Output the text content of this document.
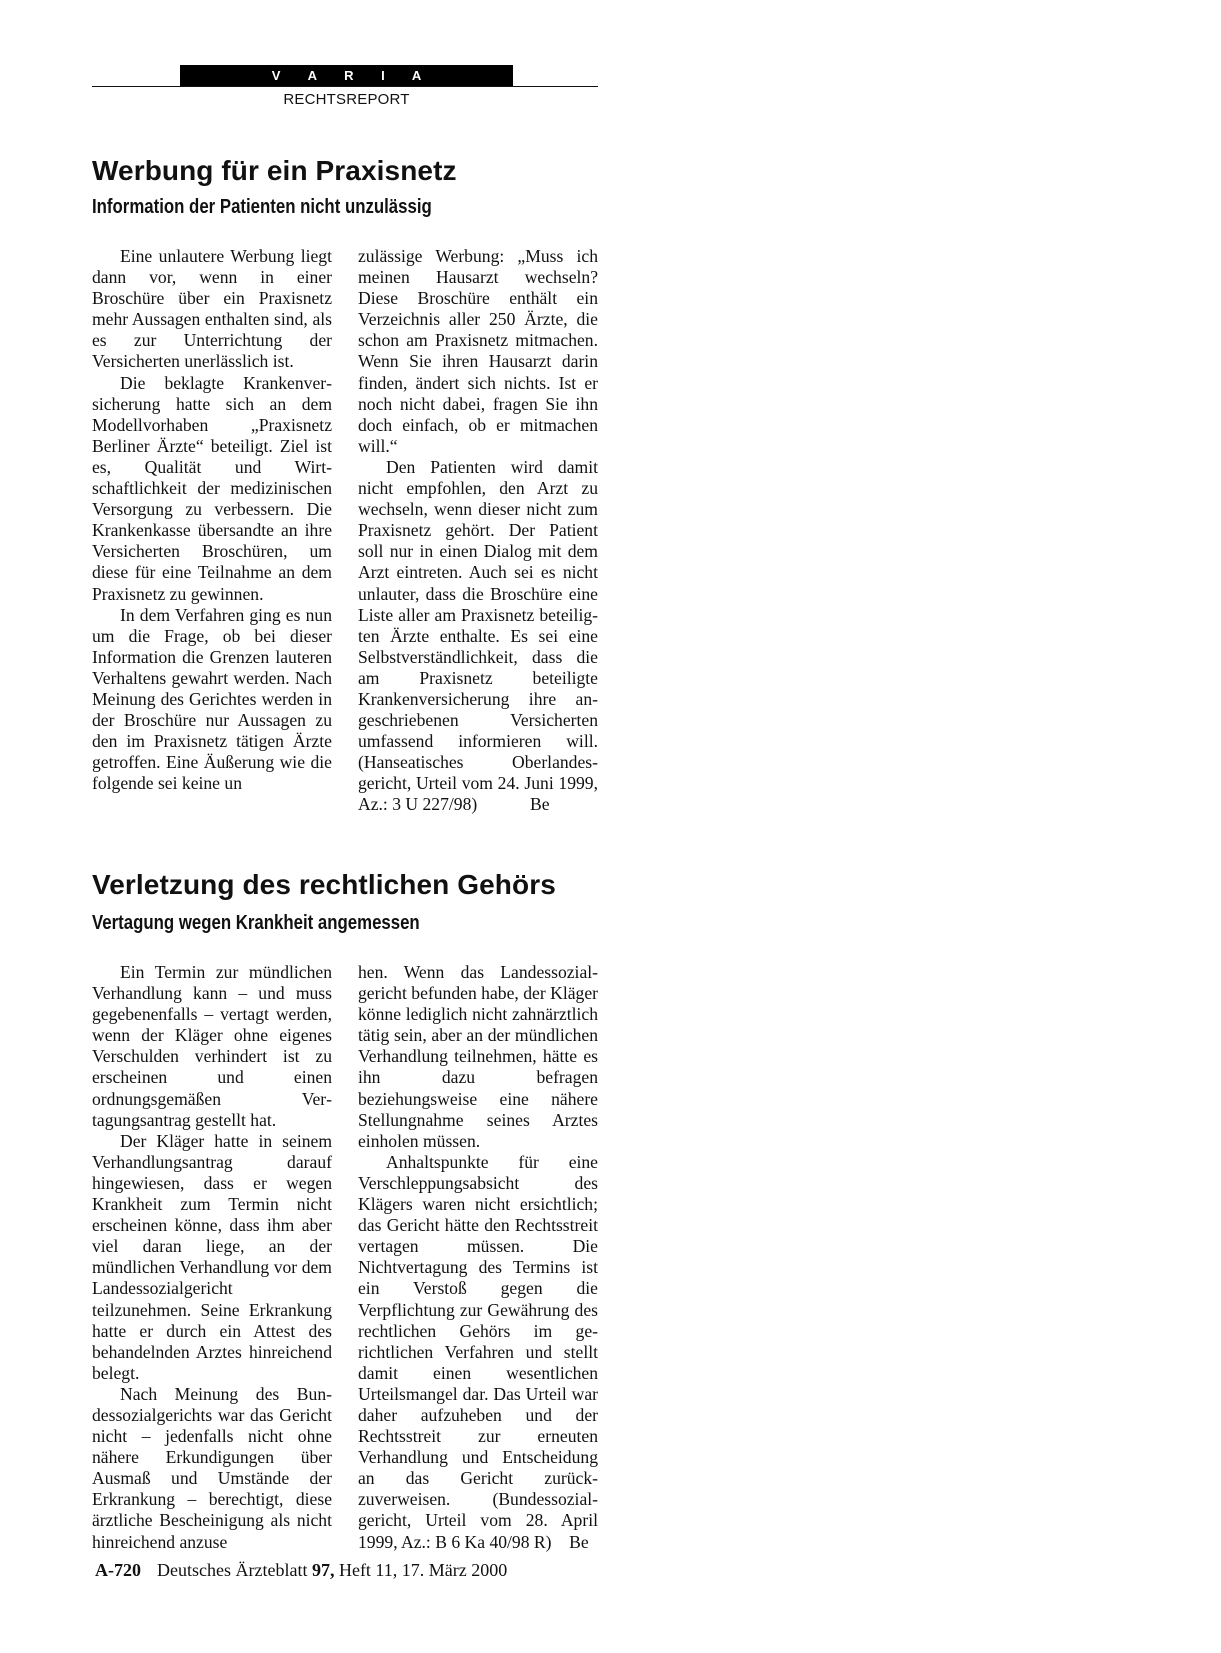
V A R I A
RECHTSREPORT
Werbung für ein Praxisnetz
Information der Patienten nicht unzulässig

Eine unlautere Werbung liegt dann vor, wenn in einer Broschüre über ein Praxisnetz mehr Aussagen enthalten sind, als es zur Unterrichtung der Versicherten unerlässlich ist.

Die beklagte Krankenversicherung hatte sich an dem Modellvorhaben „Praxisnetz Berliner Ärzte“ beteiligt. Ziel ist es, Qualität und Wirtschaftlichkeit der medizinischen Versorgung zu verbessern. Die Krankenkasse übersandte an ihre Versicherten Broschüren, um diese für eine Teilnahme an dem Praxisnetz zu gewinnen.

In dem Verfahren ging es nun um die Frage, ob bei dieser Information die Grenzen lauteren Verhaltens gewahrt werden. Nach Meinung des Gerichtes werden in der Broschüre nur Aussagen zu den im Praxisnetz tätigen Ärzte getroffen. Eine Äußerung wie die folgende sei keine un

zulässige Werbung: „Muss ich meinen Hausarzt wechseln? Diese Broschüre enthält ein Verzeichnis aller 250 Ärzte, die schon am Praxisnetz mitmachen. Wenn Sie ihren Hausarzt darin finden, ändert sich nichts. Ist er noch nicht dabei, fragen Sie ihn doch einfach, ob er mitmachen will.“

Den Patienten wird damit nicht empfohlen, den Arzt zu wechseln, wenn dieser nicht zum Praxisnetz gehört. Der Patient soll nur in einen Dialog mit dem Arzt eintreten. Auch sei es nicht unlauter, dass die Broschüre eine Liste aller am Praxisnetz beteiligten Ärzte enthalte. Es sei eine Selbstverständlichkeit, dass die am Praxisnetz beteiligte Krankenversicherung ihre angeschriebenen Versicherten umfassend informieren will. (Hanseatisches Oberlandesgericht, Urteil vom 24. Juni 1999, Az.: 3 U 227/98)   Be

Verletzung des rechtlichen Gehörs
Vertagung wegen Krankheit angemessen

Ein Termin zur mündlichen Verhandlung kann – und muss gegebenenfalls – vertagt werden, wenn der Kläger ohne eigenes Verschulden verhindert ist zu erscheinen und einen ordnungsgemäßen Vertagungsantrag gestellt hat.

Der Kläger hatte in seinem Verhandlungsantrag darauf hingewiesen, dass er wegen Krankheit zum Termin nicht erscheinen könne, dass ihm aber viel daran liege, an der mündlichen Verhandlung vor dem Landessozialgericht teilzunehmen. Seine Erkrankung hatte er durch ein Attest des behandelnden Arztes hinreichend belegt.

Nach Meinung des Bundessozialgerichts war das Gericht nicht – jedenfalls nicht ohne nähere Erkundigungen über Ausmaß und Umstände der Erkrankung – berechtigt, diese ärztliche Bescheinigung als nicht hinreichend anzuse

hen. Wenn das Landessozialgericht befunden habe, der Kläger könne lediglich nicht zahnärztlich tätig sein, aber an der mündlichen Verhandlung teilnehmen, hätte es ihn dazu befragen beziehungsweise eine nähere Stellungnahme seines Arztes einholen müssen.

Anhaltspunkte für eine Verschleppungsabsicht des Klägers waren nicht ersichtlich; das Gericht hätte den Rechtsstreit vertagen müssen. Die Nichtvertagung des Termins ist ein Verstoß gegen die Verpflichtung zur Gewährung des rechtlichen Gehörs im gerichtlichen Verfahren und stellt damit einen wesentlichen Urteilsmangel dar. Das Urteil war daher aufzuheben und der Rechtsstreit zur erneuten Verhandlung und Entscheidung an das Gericht zurückzuverweisen. (Bundessozialgericht, Urteil vom 28. April 1999, Az.: B 6 Ka 40/98 R) Be

A-720 Deutsches Ärzteblatt 97, Heft 11, 17. März 2000
